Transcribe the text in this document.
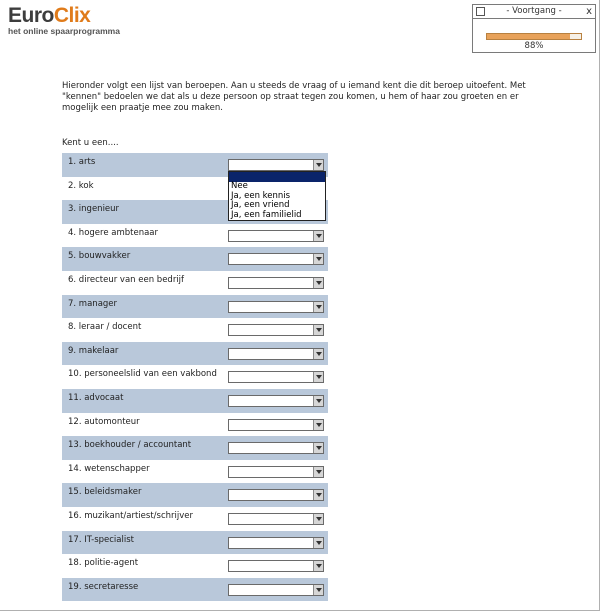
EuroClix
het online spaarprogramma
- Voortgang - x
88%
Hieronder volgt een lijst van beroepen. Aan u steeds de vraag of u iemand kent die dit beroep uitoefent. Met "kennen" bedoelen we dat als u deze persoon op straat tegen zou komen, u hem of haar zou groeten en er mogelijk een praatje mee zou maken.
Kent u een....
1. arts
2. kok
3. ingenieur
4. hogere ambtenaar
5. bouwvakker
6. directeur van een bedrijf
7. manager
8. leraar / docent
9. makelaar
10. personeelslid van een vakbond
11. advocaat
12. automonteur
13. boekhouder / accountant
14. wetenschapper
15. beleidsmaker
16. muzikant/artiest/schrijver
17. IT-specialist
18. politie-agent
19. secretaresse
Nee
Ja, een kennis
Ja, een vriend
Ja, een familielid
